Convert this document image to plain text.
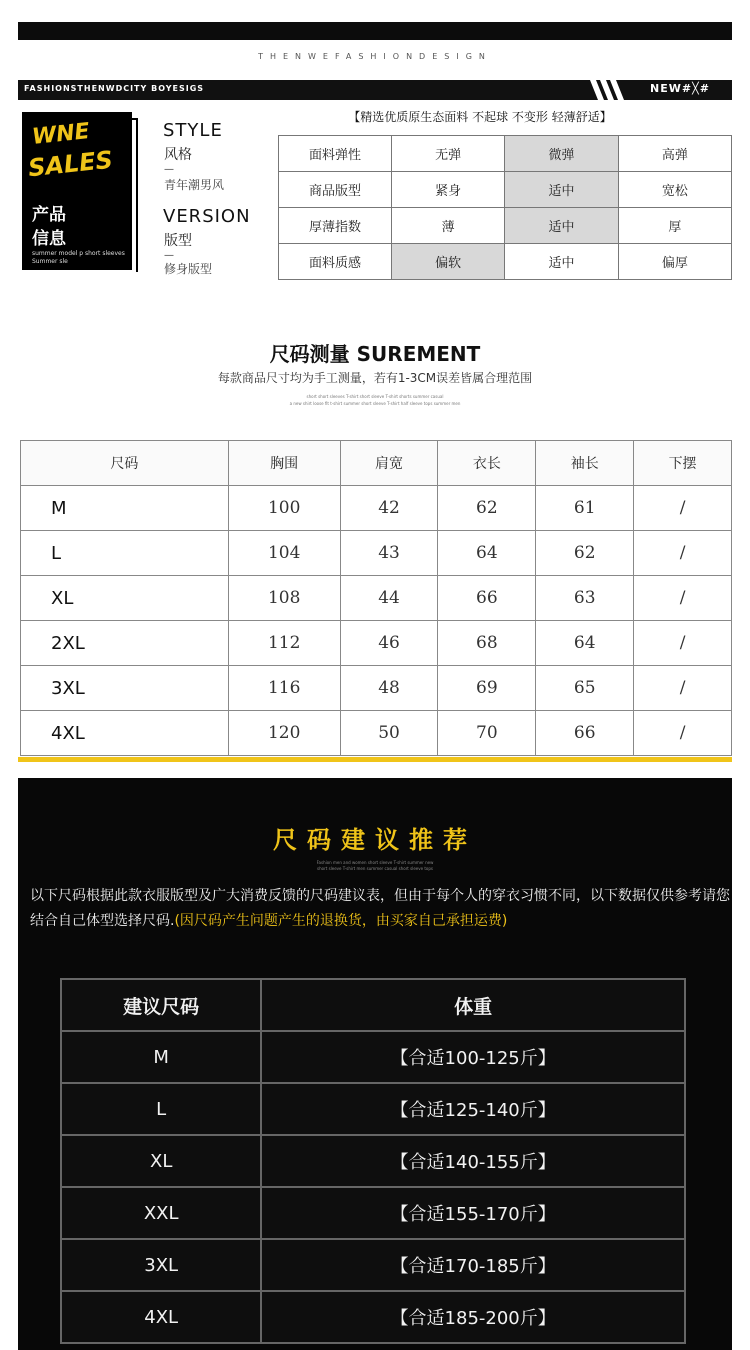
THENWEFASHIONDESIGN
FASHIONSTHENWDCITY BOYESIGS	NEW#╳#
WNE
SALES
产品
信息
summer model p short sleeves Summer sle
STYLE
风格
—
青年潮男风
VERSION
版型
—
修身版型
【精选优质原生态面料 不起球 不变形 轻薄舒适】
面料弹性	无弹	微弹	高弹
商品版型	紧身	适中	宽松
厚薄指数	薄	适中	厚
面料质感	偏软	适中	偏厚
尺码测量 SUREMENT
每款商品尺寸均为手工测量，若有1-3CM误差皆属合理范围
short short sleeves T-shirt short sleeve T-shirt shorts summer casual
a new shirt loose fit t-shirt summer short sleeve T-shirt half sleeve tops summer men
尺码	胸围	肩宽	衣长	袖长	下摆
M	100	42	62	61	/
L	104	43	64	62	/
XL	108	44	66	63	/
2XL	112	46	68	64	/
3XL	116	48	69	65	/
4XL	120	50	70	66	/
尺码建议推荐
Fashion men and women short sleeve T-shirt summer new
short sleeve T-shirt men summer casual short sleeve tops
以下尺码根据此款衣服版型及广大消费反馈的尺码建议表，但由于每个人的穿衣习惯不同，以下数据仅供参考请您结合自己体型选择尺码.(因尺码产生问题产生的退换货，由买家自己承担运费)
建议尺码	体重
M	【合适100-125斤】
L	【合适125-140斤】
XL	【合适140-155斤】
XXL	【合适155-170斤】
3XL	【合适170-185斤】
4XL	【合适185-200斤】
